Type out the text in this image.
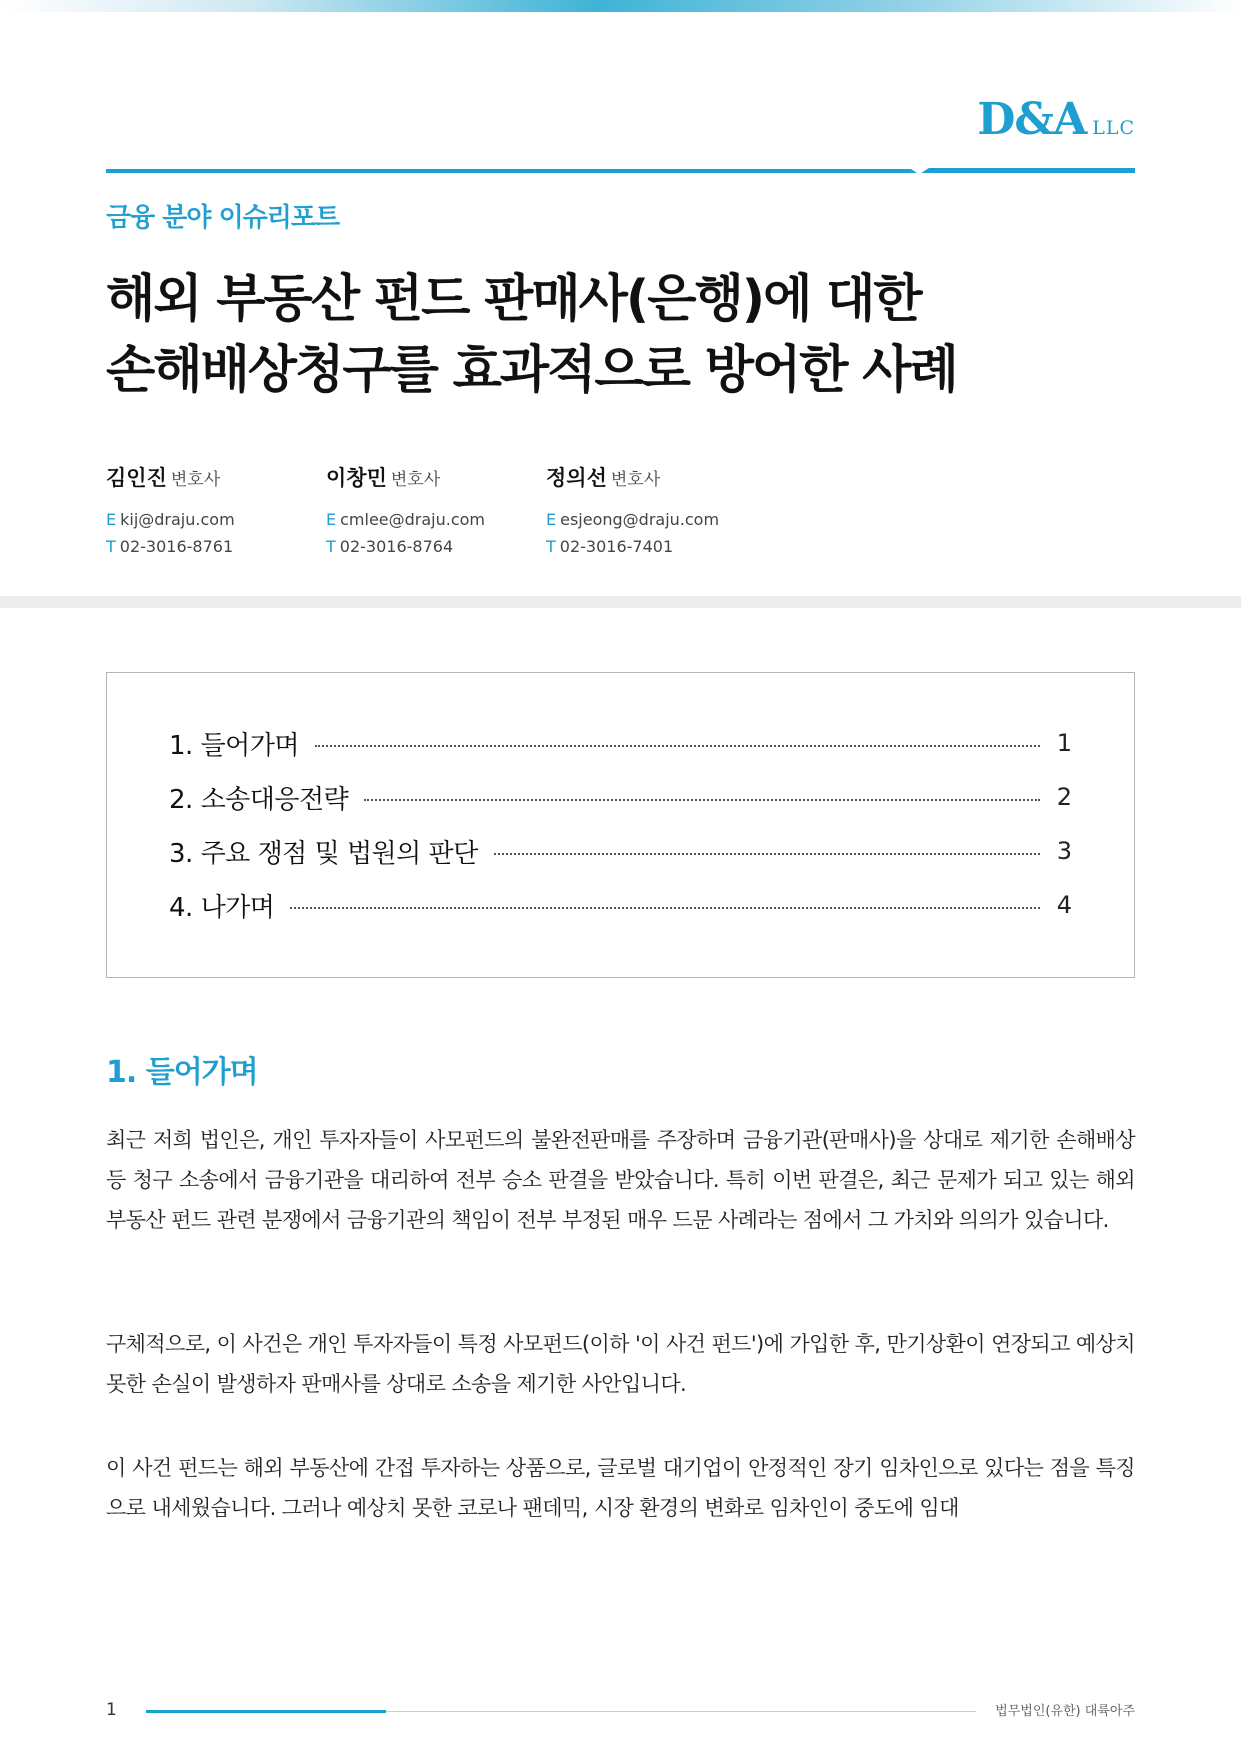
D&A LLC
금융 분야 이슈리포트
해외 부동산 펀드 판매사(은행)에 대한
손해배상청구를 효과적으로 방어한 사례
김인진 변호사
E kij@draju.com
T 02-3016-8761
이창민 변호사
E cmlee@draju.com
T 02-3016-8764
정의선 변호사
E esjeong@draju.com
T 02-3016-7401
1. 들어가며	1
2. 소송대응전략	2
3. 주요 쟁점 및 법원의 판단	3
4. 나가며	4
1. 들어가며

최근 저희 법인은, 개인 투자자들이 사모펀드의 불완전판매를 주장하며 금융기관(판매사)을 상대로 제기한 손해배상 등 청구 소송에서 금융기관을 대리하여 전부 승소 판결을 받았습니다. 특히 이번 판결은, 최근 문제가 되고 있는 해외 부동산 펀드 관련 분쟁에서 금융기관의 책임이 전부 부정된 매우 드문 사례라는 점에서 그 가치와 의의가 있습니다.

구체적으로, 이 사건은 개인 투자자들이 특정 사모펀드(이하 '이 사건 펀드')에 가입한 후, 만기상환이 연장되고 예상치 못한 손실이 발생하자 판매사를 상대로 소송을 제기한 사안입니다.

이 사건 펀드는 해외 부동산에 간접 투자하는 상품으로, 글로벌 대기업이 안정적인 장기 임차인으로 있다는 점을 특징으로 내세웠습니다. 그러나 예상치 못한 코로나 팬데믹, 시장 환경의 변화로 임차인이 중도에 임대

1	법무법인(유한) 대륙아주
